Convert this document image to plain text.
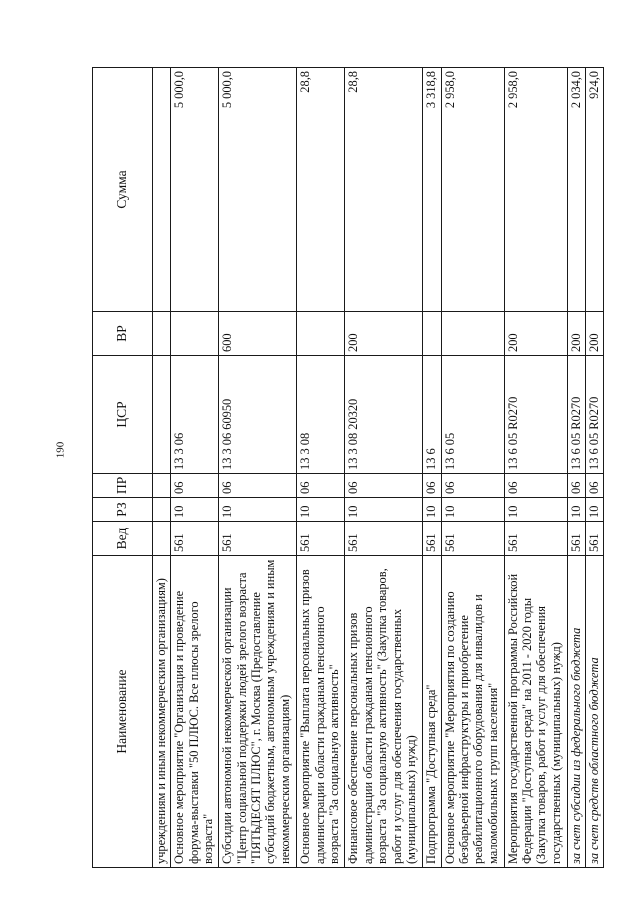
190
Наименование	Вед	РЗ	ПР	ЦСР	ВР	Сумма
учреждениям и иным некоммерческим организациям)						
Основное мероприятие "Организация и проведение форума-выставки "50 ПЛЮС. Все плюсы зрелого возраста"	561	10	06	13 3 06		5 000,0
Субсидии автономной некоммерческой организации "Центр социальной поддержки людей зрелого возраста "ПЯТЬДЕСЯТ ПЛЮС", г. Москва (Предоставление субсидий бюджетным, автономным учреждениям и иным некоммерческим организациям)	561	10	06	13 3 06 60950	600	5 000,0
Основное мероприятие "Выплата персональных призов администрации области гражданам пенсионного возраста "За социальную активность"	561	10	06	13 3 08		28,8
Финансовое обеспечение персональных призов администрации области гражданам пенсионного возраста "За социальную активность" (Закупка товаров, работ и услуг для обеспечения государственных (муниципальных) нужд)	561	10	06	13 3 08 20320	200	28,8
Подпрограмма "Доступная среда"	561	10	06	13 6		3 318,8
Основное мероприятие "Мероприятия по созданию безбарьерной инфраструктуры и приобретение реабилитационного оборудования для инвалидов и маломобильных групп населения"	561	10	06	13 6 05		2 958,0
Мероприятия государственной программы Российской Федерации "Доступная среда" на 2011 - 2020 годы (Закупка товаров, работ и услуг для обеспечения государственных (муниципальных) нужд)	561	10	06	13 6 05 R0270	200	2 958,0
за счет субсидии из федерального бюджета	561	10	06	13 6 05 R0270	200	2 034,0
за счет средств областного бюджета	561	10	06	13 6 05 R0270	200	924,0
